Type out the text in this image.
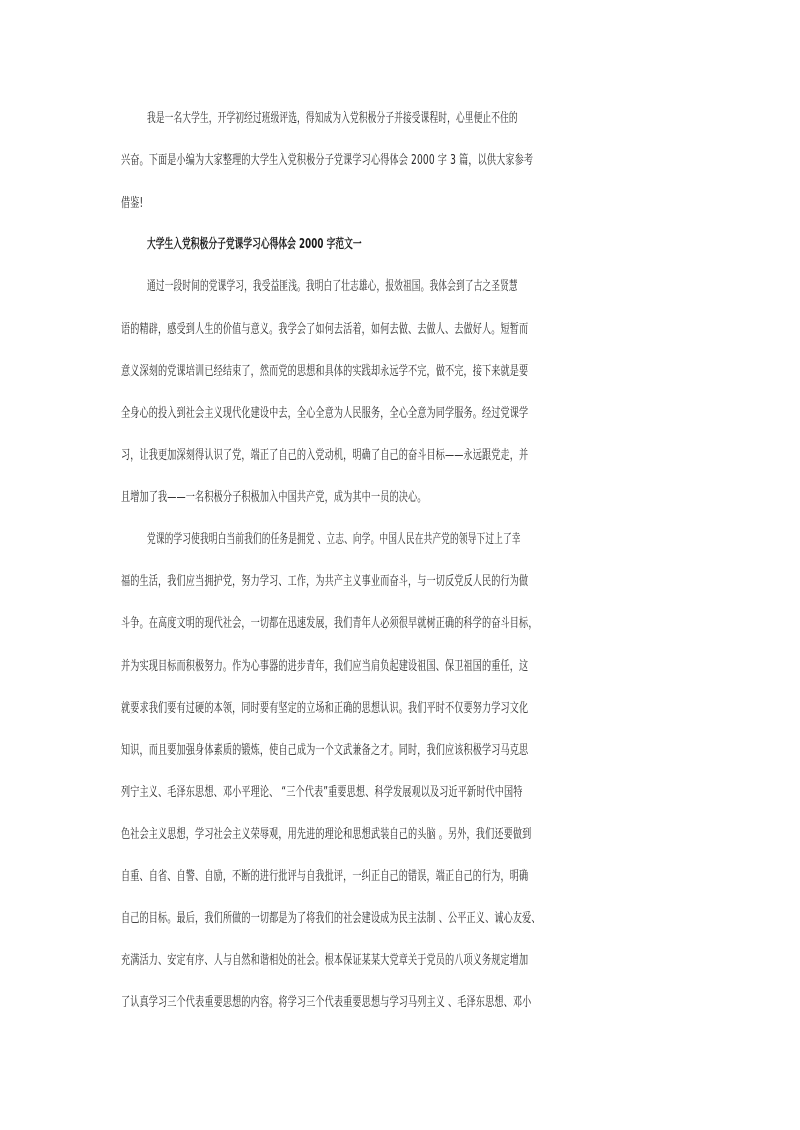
我是一名大学生，开学初经过班级评选，得知成为入党积极分子并接受课程时，心里便止不住的
兴奋。下面是小编为大家整理的大学生入党积极分子党课学习心得体会 2000 字 3 篇，以供大家参考
借鉴!
大学生入党积极分子党课学习心得体会 2000 字范文一
通过一段时间的党课学习，我受益匪浅。我明白了壮志雄心，报效祖国。我体会到了古之圣贤慧
语的精辟，感受到人生的价值与意义。我学会了如何去活着，如何去做、去做人、去做好人。短暂而
意义深刻的党课培训已经结束了，然而党的思想和具体的实践却永远学不完，做不完，接下来就是要
全身心的投入到社会主义现代化建设中去，全心全意为人民服务，全心全意为同学服务。经过党课学
习，让我更加深刻得认识了党，端正了自己的入党动机，明确了自己的奋斗目标——永远跟党走，并
且增加了我——一名积极分子积极加入中国共产党，成为其中一员的决心。
党课的学习使我明白当前我们的任务是拥党 、立志、向学。中国人民在共产党的领导下过上了幸
福的生活，我们应当拥护党，努力学习、工作，为共产主义事业而奋斗，与一切反党反人民的行为做
斗争。在高度文明的现代社会，一切都在迅速发展，我们青年人必须很早就树正确的科学的奋斗目标，
并为实现目标而积极努力。作为心事器的进步青年，我们应当肩负起建设祖国、保卫祖国的重任，这
就要求我们要有过硬的本领，同时要有坚定的立场和正确的思想认识。我们平时不仅要努力学习文化
知识，而且要加强身体素质的锻炼，使自己成为一个文武兼备之才。同时，我们应该积极学习马克思
列宁主义、毛泽东思想、邓小平理论、 “三个代表”重要思想、科学发展观以及习近平新时代中国特
色社会主义思想，学习社会主义荣辱观，用先进的理论和思想武装自己的头脑 。另外，我们还要做到
自重、自省、自警、自励，不断的进行批评与自我批评，一纠正自己的错误，端正自己的行为，明确
自己的目标。最后，我们所做的一切都是为了将我们的社会建设成为民主法制 、公平正义、诚心友爱、
充满活力、安定有序、人与自然和谐相处的社会。根本保证某某大党章关于党员的八项义务规定增加
了认真学习三个代表重要思想的内容。将学习三个代表重要思想与学习马列主义 、毛泽东思想、邓小
